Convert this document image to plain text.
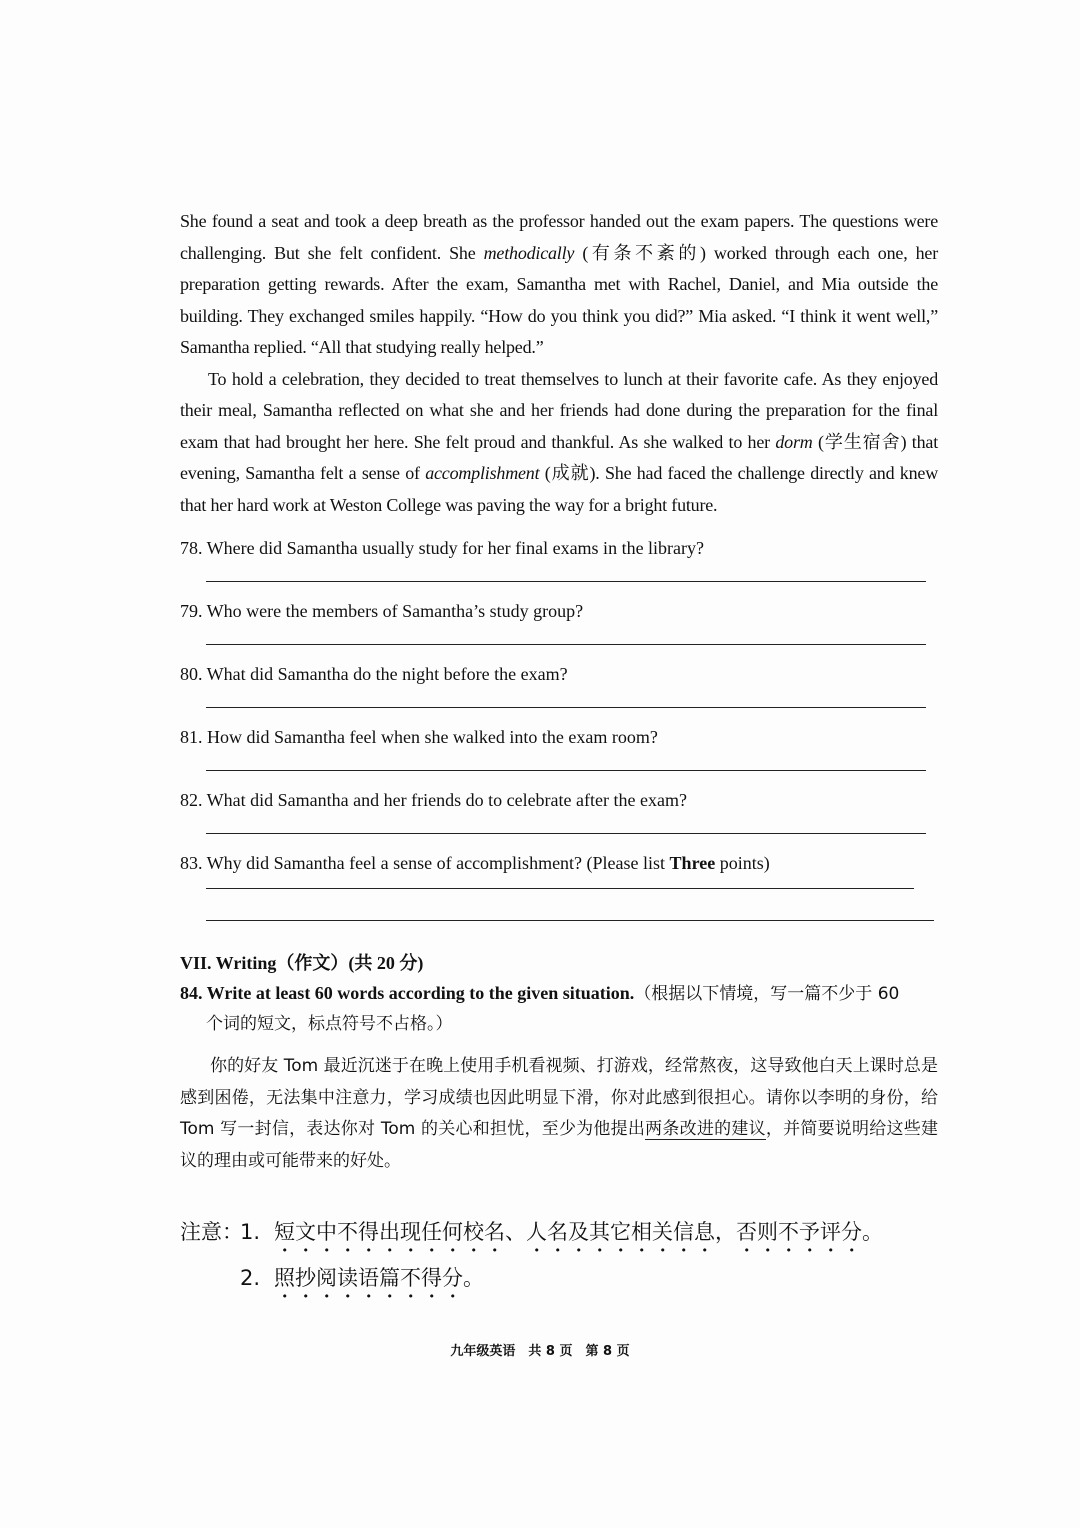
She found a seat and took a deep breath as the professor handed out the exam papers. The questions were challenging. But she felt confident. She methodically (有条不紊的) worked through each one, her preparation getting rewards. After the exam, Samantha met with Rachel, Daniel, and Mia outside the building. They exchanged smiles happily. “How do you think you did?” Mia asked. “I think it went well,” Samantha replied. “All that studying really helped.”

To hold a celebration, they decided to treat themselves to lunch at their favorite cafe. As they enjoyed their meal, Samantha reflected on what she and her friends had done during the preparation for the final exam that had brought her here. She felt proud and thankful. As she walked to her dorm (学生宿舍) that evening, Samantha felt a sense of accomplishment (成就). She had faced the challenge directly and knew that her hard work at Weston College was paving the way for a bright future.

78. Where did Samantha usually study for her final exams in the library?
79. Who were the members of Samantha’s study group?
80. What did Samantha do the night before the exam?
81. How did Samantha feel when she walked into the exam room?
82. What did Samantha and her friends do to celebrate after the exam?
83. Why did Samantha feel a sense of accomplishment? (Please list Three points)
VII. Writing（作文）(共 20 分)
84. Write at least 60 words according to the given situation.（根据以下情境，写一篇不少于 60
个词的短文，标点符号不占格。）

你的好友 Tom 最近沉迷于在晚上使用手机看视频、打游戏，经常熬夜，这导致他白天上课时总是感到困倦，无法集中注意力，学习成绩也因此明显下滑，你对此感到很担心。请你以李明的身份，给 Tom 写一封信，表达你对 Tom 的关心和担忧，至少为他提出两条改进的建议，并简要说明给这些建议的理由或可能带来的好处。

注意：1. 短文中不得出现任何校名、人名及其它相关信息，否则不予评分。
2. 照抄阅读语篇不得分。
九年级英语　共 8 页　第 8 页
